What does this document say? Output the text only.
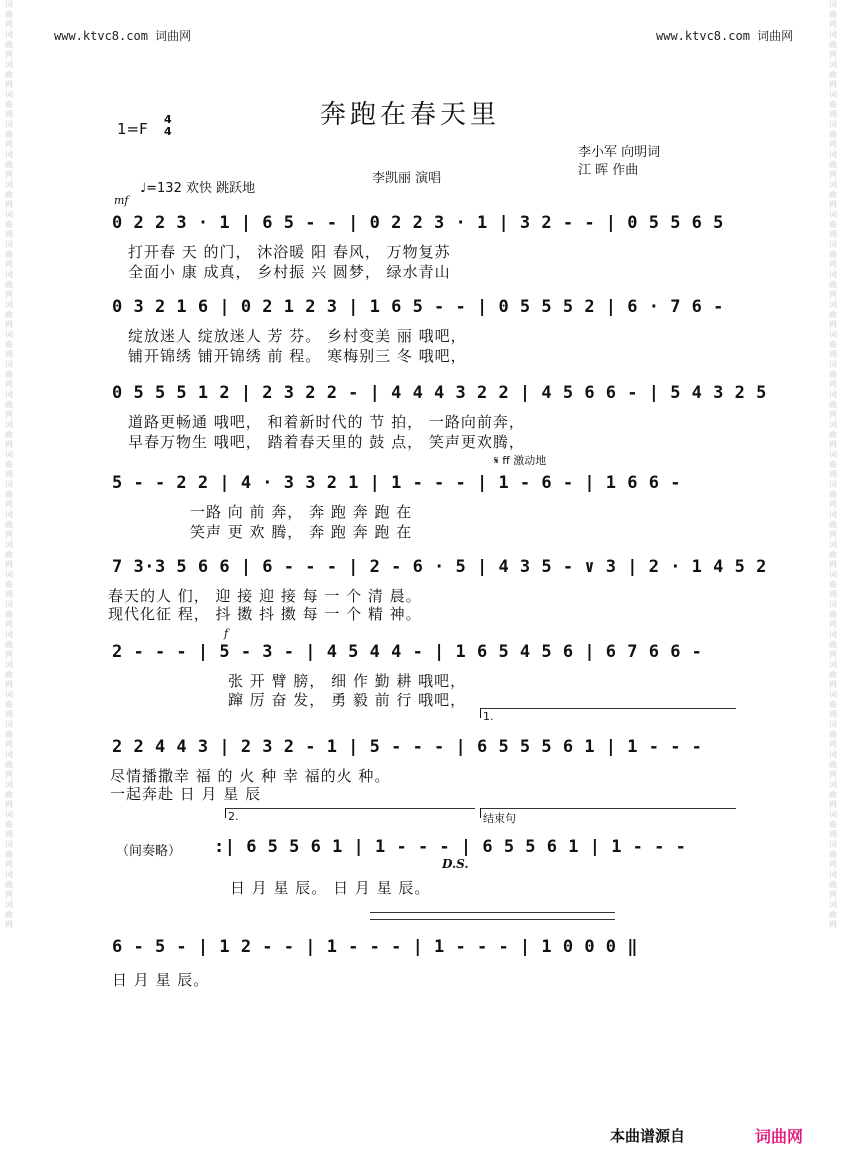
www.ktvc8.com 词曲网	www.ktvc8.com 词曲网
词曲网词曲网词曲网词曲网词曲网词曲网词曲网词曲网词曲网词曲网词曲网词曲网词曲网词曲网词曲网词曲网词曲网词曲网词曲网词曲网词曲网词曲网词曲网词曲网词曲网词曲网词曲网词曲网词曲网词曲网词曲网
词曲网词曲网词曲网词曲网词曲网词曲网词曲网词曲网词曲网词曲网词曲网词曲网词曲网词曲网词曲网词曲网词曲网词曲网词曲网词曲网词曲网词曲网词曲网词曲网词曲网词曲网词曲网词曲网词曲网词曲网词曲网
1=F
4
4
奔跑在春天里
李小军 向明词
江 晖 作曲
李凯丽 演唱
♩=132 欢快 跳跃地
mf
0 2 2 3 · 1 | 6 5 - - | 0 2 2 3 · 1 | 3 2 - - | 0 5 5 6 5
打开春 天 的门， 沐浴暖 阳 春风， 万物复苏
全面小 康 成真， 乡村振 兴 圆梦， 绿水青山
0 3 2 1 6 | 0 2 1 2 3 | 1 6 5 - - | 0 5 5 5 2 | 6 · 7 6 -
绽放迷人 绽放迷人 芳 芬。 乡村变美 丽 哦吧，
铺开锦绣 铺开锦绣 前 程。 寒梅别三 冬 哦吧，
0 5 5 5 1 2 | 2 3 2 2 - | 4 4 4 3 2 2 | 4 5 6 6 - | 5 4 3 2 5
道路更畅通 哦吧， 和着新时代的 节 拍， 一路向前奔，
早春万物生 哦吧， 踏着春天里的 鼓 点， 笑声更欢腾，
𝄋 ff 激动地
5 - - 2 2 | 4 · 3 3 2 1 | 1 - - - | 1 - 6 - | 1 6 6 -
一路 向 前 奔， 奔 跑 奔 跑 在
笑声 更 欢 腾， 奔 跑 奔 跑 在
7 3·3 5 6 6 | 6 - - - | 2 - 6 · 5 | 4 3 5 - ∨ 3 | 2 · 1 4 5 2
春天的人 们， 迎 接 迎 接 每 一 个 清 晨。
现代化征 程， 抖 擞 抖 擞 每 一 个 精 神。
f
2 - - - | 5 - 3 - | 4 5 4 4 - | 1 6 5 4 5 6 | 6 7 6 6 -
张 开 臂 膀， 细 作 勤 耕 哦吧，
蹿 厉 奋 发， 勇 毅 前 行 哦吧，
1.
2 2 4 4 3 | 2 3 2 - 1 | 5 - - - | 6 5 5 5 6 1 | 1 - - -
尽情播撒幸 福 的 火 种 幸 福的火 种。
一起奔赴 日 月 星 辰
2.	结束句
（间奏略） :| 6 5 5 6 1 | 1 - - - | 6 5 5 6 1 | 1 - - -
D.S.
日 月 星 辰。 日 月 星 辰。
6 - 5 - | 1 2 - - | 1 - - - | 1 - - - | 1 0 0 0 ‖
日 月 星 辰。
本曲谱源自	词曲网
